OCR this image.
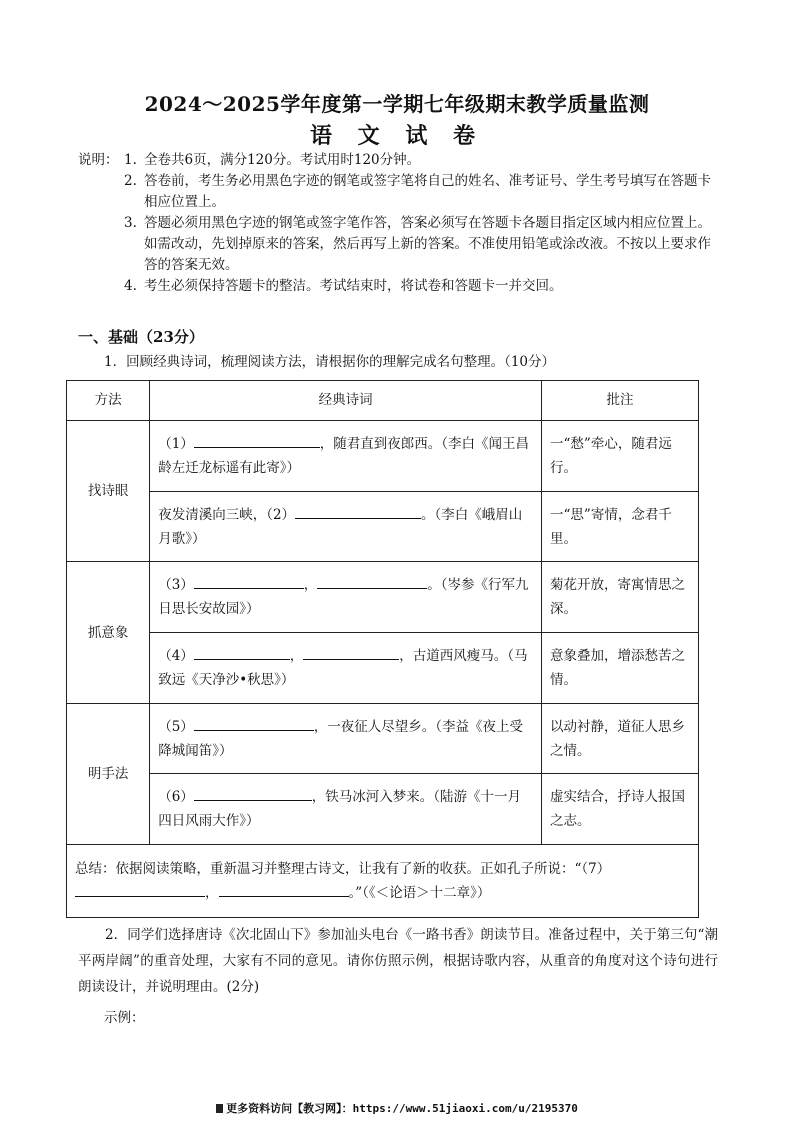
2024～2025学年度第一学期七年级期末教学质量监测
语 文 试 卷
说明： 1. 全卷共6页，满分120分。考试用时120分钟。
2. 答卷前，考生务必用黑色字迹的钢笔或签字笔将自己的姓名、准考证号、学生考号填写在答题卡相应位置上。
3. 答题必须用黑色字迹的钢笔或签字笔作答，答案必须写在答题卡各题目指定区域内相应位置上。如需改动，先划掉原来的答案，然后再写上新的答案。不准使用铅笔或涂改液。不按以上要求作答的答案无效。
4. 考生必须保持答题卡的整洁。考试结束时，将试卷和答题卡一并交回。
一、基础（23分）
1．回顾经典诗词，梳理阅读方法，请根据你的理解完成名句整理。（10分）
方法	经典诗词	批注
找诗眼	（1） ，随君直到夜郎西。（李白《闻王昌龄左迁龙标遥有此寄》）	一“愁”牵心，随君远行。
	夜发清溪向三峡，（2） 。（李白《峨眉山月歌》）	一“思”寄情，念君千里。
抓意象	（3） ， 。（岑参《行军九日思长安故园》）	菊花开放，寄寓情思之深。
	（4） ， ，古道西风瘦马。（马致远《天净沙•秋思》）	意象叠加，增添愁苦之情。
明手法	（5） ，一夜征人尽望乡。（李益《夜上受降城闻笛》）	以动衬静，道征人思乡之情。
	（6） ，铁马冰河入梦来。（陆游《十一月四日风雨大作》）	虚实结合，抒诗人报国之志。
总结：依据阅读策略，重新温习并整理古诗文，让我有了新的收获。正如孔子所说：“（7）， 。”（《＜论语＞十二章》）		
2．同学们选择唐诗《次北固山下》参加汕头电台《一路书香》朗读节目。准备过程中，关于第三句“潮平两岸阔”的重音处理，大家有不同的意见。请你仿照示例，根据诗歌内容，从重音的角度对这个诗句进行朗读设计，并说明理由。(2分)
示例：
更多资料访问【教习网】：https://www.51jiaoxi.com/u/2195370
